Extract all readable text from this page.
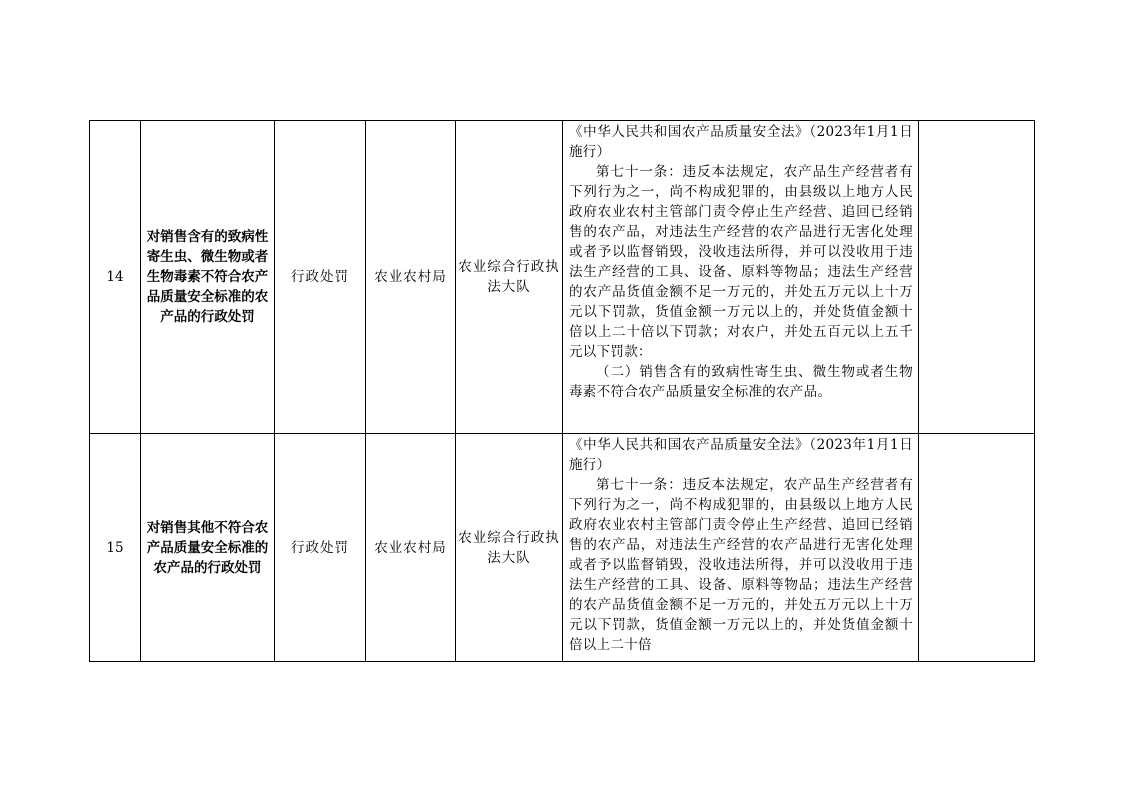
14	对销售含有的致病性寄生虫、微生物或者生物毒素不符合农产品质量安全标准的农产品的行政处罚	行政处罚	农业农村局	农业综合行政执法大队	《中华人民共和国农产品质量安全法》（2023年1月1日施行）

第七十一条：违反本法规定，农产品生产经营者有下列行为之一，尚不构成犯罪的，由县级以上地方人民政府农业农村主管部门责令停止生产经营、追回已经销售的农产品，对违法生产经营的农产品进行无害化处理或者予以监督销毁，没收违法所得，并可以没收用于违法生产经营的工具、设备、原料等物品；违法生产经营的农产品货值金额不足一万元的，并处五万元以上十万元以下罚款，货值金额一万元以上的，并处货值金额十倍以上二十倍以下罚款；对农户，并处五百元以上五千元以下罚款：

（二）销售含有的致病性寄生虫、微生物或者生物毒素不符合农产品质量安全标准的农产品。	

15	对销售其他不符合农产品质量安全标准的农产品的行政处罚	行政处罚	农业农村局	农业综合行政执法大队	《中华人民共和国农产品质量安全法》（2023年1月1日施行）

第七十一条：违反本法规定，农产品生产经营者有下列行为之一，尚不构成犯罪的，由县级以上地方人民政府农业农村主管部门责令停止生产经营、追回已经销售的农产品，对违法生产经营的农产品进行无害化处理或者予以监督销毁，没收违法所得，并可以没收用于违法生产经营的工具、设备、原料等物品；违法生产经营的农产品货值金额不足一万元的，并处五万元以上十万元以下罚款，货值金额一万元以上的，并处货值金额十倍以上二十倍	
